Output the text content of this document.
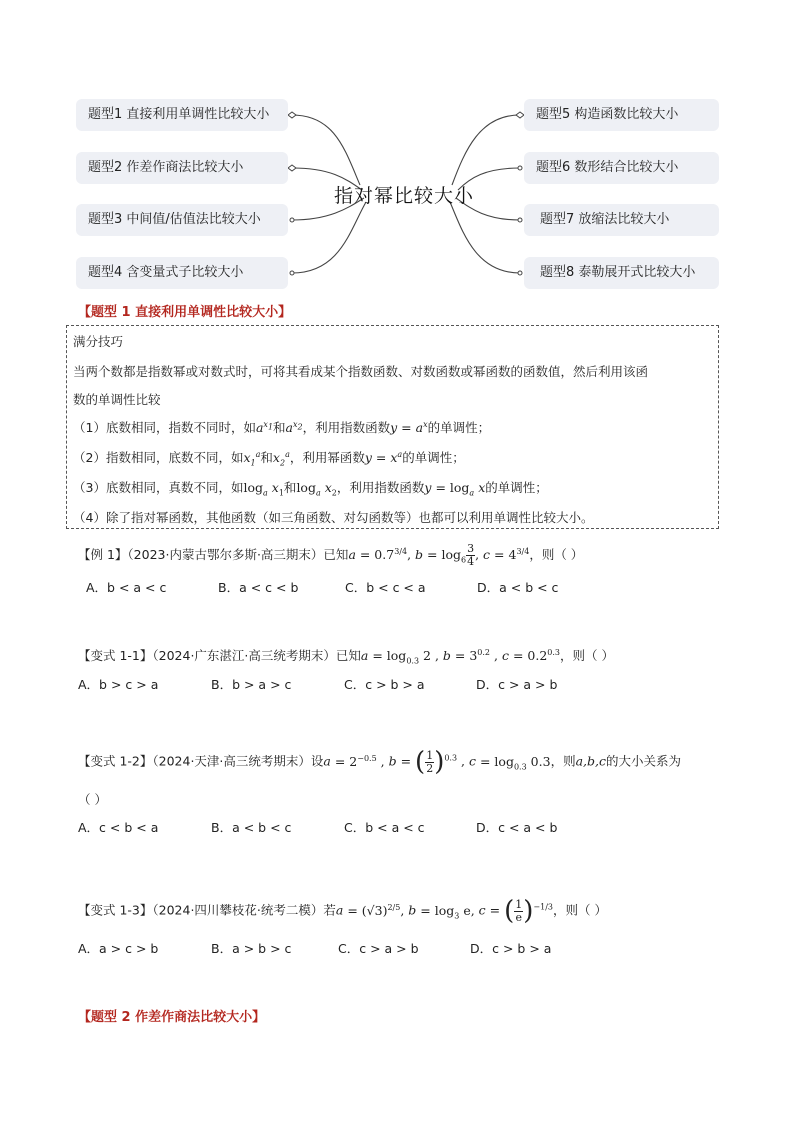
题型1 直接利用单调性比较大小
题型2 作差作商法比较大小
题型3 中间值/估值法比较大小
题型4 含变量式子比较大小
题型5 构造函数比较大小
题型6 数形结合比较大小
题型7 放缩法比较大小
题型8 泰勒展开式比较大小
指对幂比较大小
【题型 1 直接利用单调性比较大小】
满分技巧
当两个数都是指数幂或对数式时，可将其看成某个指数函数、对数函数或幂函数的函数值，然后利用该函
数的单调性比较
（1）底数相同，指数不同时，如$a^{x_1}$和$a^{x_2}$，利用指数函数$y = a^x$的单调性；
（2）指数相同，底数不同，如$x_1^a$和$x_2^a$，利用幂函数$y = x^a$的单调性；
（3）底数相同，真数不同，如$\log_a x_1$和$\log_a x_2$，利用指数函数$y = \log_a x$的单调性；
（4）除了指对幂函数，其他函数（如三角函数、对勾函数等）也都可以利用单调性比较大小。
【例 1】（2023·内蒙古鄂尔多斯·高三期末）已知$a = 0.7^{3/4}$, $b = \log_6 \frac{3}{4}$ , $c = 4^{3/4}$，则（ ）
A．b < a < c	B．a < c < b	C．b < c < a	D．a < b < c
【变式 1-1】（2024·广东湛江·高三统考期末）已知$a = \log_{0.3} 2$ , $b = 3^{0.2}$ , $c = 0.2^{0.3}$，则（ ）
A．b > c > a	B．b > a > c	C．c > b > a	D．c > a > b
【变式 1-2】（2024·天津·高三统考期末）设$a = 2^{-0.5}$ , b = ( $\frac{1}{2} )^{0.3}$ , $c = \log_{0.3} 0.3$，则a,b,c的大小关系为
（ ）
A．c < b < a	B．a < b < c	C．b < a < c	D．c < a < b
【变式 1-3】（2024·四川攀枝花·统考二模）若$a = (√3)^{2/5}$, $b = \log_3 e$, c = ( $\frac{1}{e} )^{-1/3}$，则（ ）
A．a > c > b	B．a > b > c	C．c > a > b	D．c > b > a
【题型 2 作差作商法比较大小】
